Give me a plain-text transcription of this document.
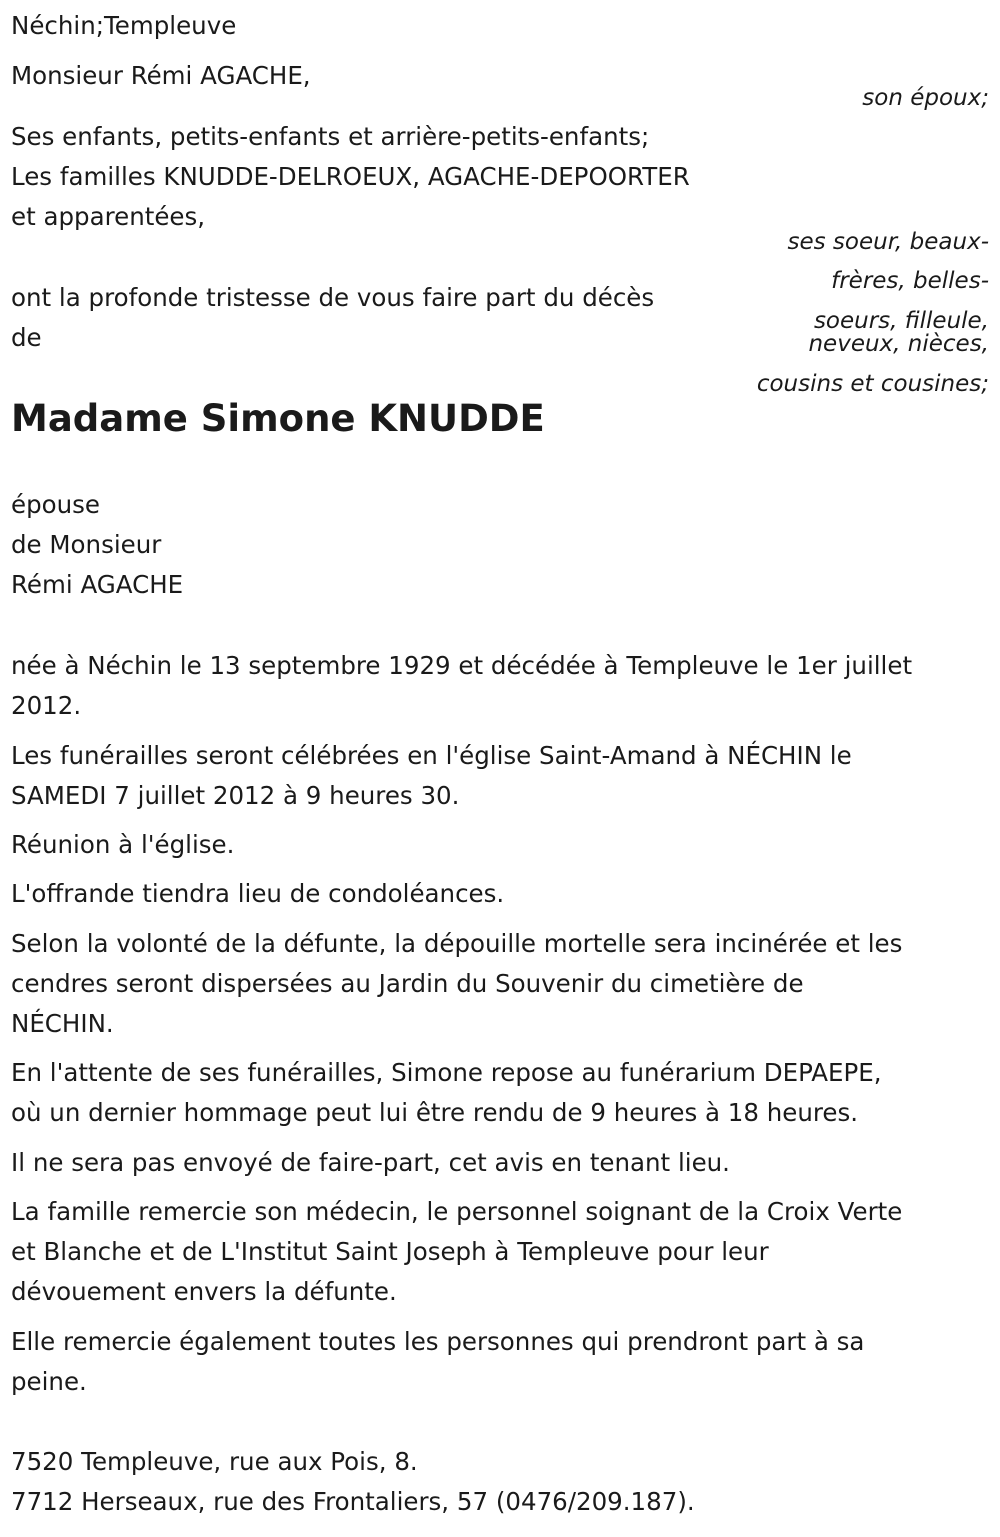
Néchin;Templeuve
Monsieur Rémi AGACHE,
son époux;
Ses enfants, petits-enfants et arrière-petits-enfants;
Les familles KNUDDE-DELROEUX, AGACHE-DEPOORTER
et apparentées,
ses soeur, beaux-
frères, belles-
soeurs, filleule,
neveux, nièces,
cousins et cousines;
ont la profonde tristesse de vous faire part du décès
de
Madame Simone KNUDDE
épouse
de Monsieur
Rémi AGACHE
née à Néchin le 13 septembre 1929 et décédée à Templeuve le 1er juillet
2012.
Les funérailles seront célébrées en l'église Saint-Amand à NÉCHIN le
SAMEDI 7 juillet 2012 à 9 heures 30.
Réunion à l'église.
L'offrande tiendra lieu de condoléances.
Selon la volonté de la défunte, la dépouille mortelle sera incinérée et les
cendres seront dispersées au Jardin du Souvenir du cimetière de
NÉCHIN.
En l'attente de ses funérailles, Simone repose au funérarium DEPAEPE,
où un dernier hommage peut lui être rendu de 9 heures à 18 heures.
Il ne sera pas envoyé de faire-part, cet avis en tenant lieu.
La famille remercie son médecin, le personnel soignant de la Croix Verte
et Blanche et de L'Institut Saint Joseph à Templeuve pour leur
dévouement envers la défunte.
Elle remercie également toutes les personnes qui prendront part à sa
peine.
7520 Templeuve, rue aux Pois, 8.
7712 Herseaux, rue des Frontaliers, 57 (0476/209.187).
